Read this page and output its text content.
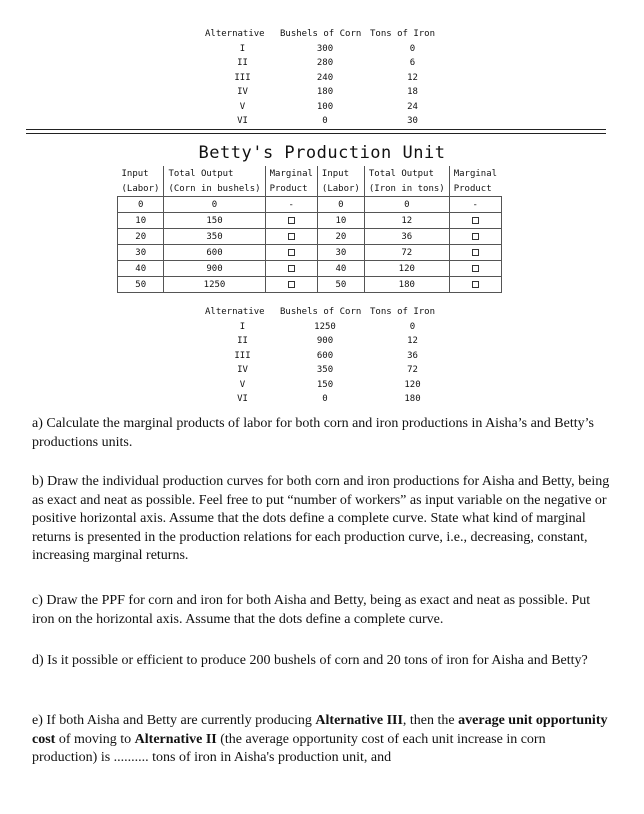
Alternative	Bushels of Corn Tons of Iron
I	300	0
II	280	6
III	240	12
IV	180	18
V	100	24
VI	0	30
Betty's Production Unit
Input	Total Output	Marginal	Input	Total Output	Marginal
(Labor)	(Corn in bushels)	Product	(Labor)	(Iron in tons)	Product
0	0	-	0	0	-
10	150		10	12	
20	350		20	36	
30	600		30	72	
40	900		40	120	
50	1250		50	180	
Alternative	Bushels of Corn Tons of Iron
I	1250	0
II	900	12
III	600	36
IV	350	72
V	150	120
VI	0	180

a) Calculate the marginal products of labor for both corn and iron productions in Aisha’s and Betty’s productions units.

b) Draw the individual production curves for both corn and iron productions for Aisha and Betty, being as exact and neat as possible. Feel free to put “number of workers” as input variable on the negative or positive horizontal axis. Assume that the dots define a complete curve. State what kind of marginal returns is presented in the production relations for each production curve, i.e., decreasing, constant, increasing marginal returns.

c) Draw the PPF for corn and iron for both Aisha and Betty, being as exact and neat as possible. Put iron on the horizontal axis. Assume that the dots define a complete curve.

d) Is it possible or efficient to produce 200 bushels of corn and 20 tons of iron for Aisha and Betty?

e) If both Aisha and Betty are currently producing Alternative III, then the average unit opportunity cost of moving to Alternative II (the average opportunity cost of each unit increase in corn production) is .......... tons of iron in Aisha's production unit, and
